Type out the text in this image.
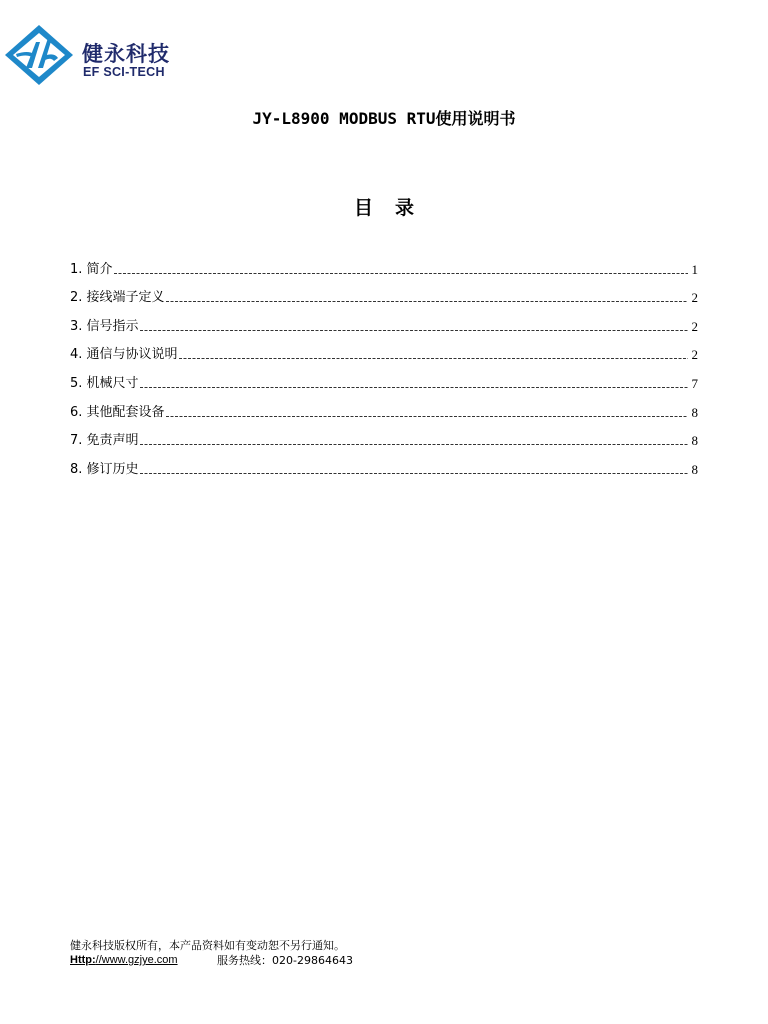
健永科技
EF SCI-TECH
JY-L8900 MODBUS RTU使用说明书
目录
1. 简介	1
2. 接线端子定义	2
3. 信号指示	2
4. 通信与协议说明	2
5. 机械尺寸	7
6. 其他配套设备	8
7. 免责声明	8
8. 修订历史	8
健永科技版权所有，本产品资料如有变动恕不另行通知。
Http://www.gzjye.com	服务热线：020-29864643
